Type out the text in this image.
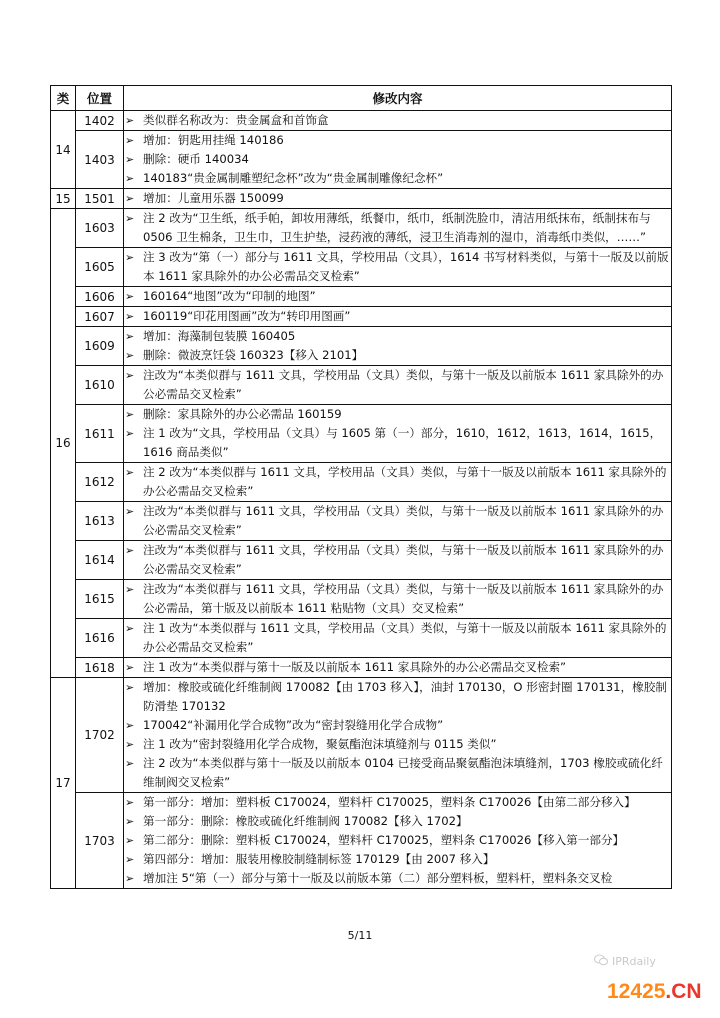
类	位置	修改内容
14	1402	➢ 类似群名称改为：贵金属盒和首饰盒

	1403	➢ 增加：钥匙用挂绳 140186
➢ 删除：硬币 140034
➢ 140183“贵金属制雕塑纪念杯”改为“贵金属制雕像纪念杯”

15	1501	➢ 增加：儿童用乐器 150099

16	1603	➢ 注 2 改为“卫生纸，纸手帕，卸妆用薄纸，纸餐巾，纸巾，纸制洗脸巾，清洁用纸抹布，纸制抹布与 0506 卫生棉条，卫生巾，卫生护垫，浸药液的薄纸，浸卫生消毒剂的湿巾，消毒纸巾类似，……”

	1605	➢ 注 3 改为“第（一）部分与 1611 文具，学校用品（文具），1614 书写材料类似，与第十一版及以前版本 1611 家具除外的办公必需品交叉检索”

	1606	➢ 160164“地图”改为“印制的地图”

	1607	➢ 160119“印花用图画”改为“转印用图画”

	1609	➢ 增加：海藻制包装膜 160405
➢ 删除：微波烹饪袋 160323【移入 2101】

	1610	➢ 注改为“本类似群与 1611 文具，学校用品（文具）类似，与第十一版及以前版本 1611 家具除外的办公必需品交叉检索”

	1611	➢ 删除：家具除外的办公必需品 160159
➢ 注 1 改为“文具，学校用品（文具）与 1605 第（一）部分，1610，1612，1613，1614，1615，1616 商品类似”

	1612	➢ 注 2 改为“本类似群与 1611 文具，学校用品（文具）类似，与第十一版及以前版本 1611 家具除外的办公必需品交叉检索”

	1613	➢ 注改为“本类似群与 1611 文具，学校用品（文具）类似，与第十一版及以前版本 1611 家具除外的办公必需品交叉检索”

	1614	➢ 注改为“本类似群与 1611 文具，学校用品（文具）类似，与第十一版及以前版本 1611 家具除外的办公必需品交叉检索”

	1615	➢ 注改为“本类似群与 1611 文具，学校用品（文具）类似，与第十一版及以前版本 1611 家具除外的办公必需品，第十版及以前版本 1611 粘贴物（文具）交叉检索”

	1616	➢ 注 1 改为“本类似群与 1611 文具，学校用品（文具）类似，与第十一版及以前版本 1611 家具除外的办公必需品交叉检索”

	1618	➢ 注 1 改为“本类似群与第十一版及以前版本 1611 家具除外的办公必需品交叉检索”

17	1702	➢ 增加：橡胶或硫化纤维制阀 170082【由 1703 移入】，油封 170130，O 形密封圈 170131，橡胶制防滑垫 170132
➢ 170042“补漏用化学合成物”改为“密封裂缝用化学合成物”
➢ 注 1 改为“密封裂缝用化学合成物，聚氨酯泡沫填缝剂与 0115 类似”
➢ 注 2 改为“本类似群与第十一版及以前版本 0104 已接受商品聚氨酯泡沫填缝剂，1703 橡胶或硫化纤维制阀交叉检索”

	1703	➢ 第一部分：增加：塑料板 C170024，塑料杆 C170025，塑料条 C170026【由第二部分移入】
➢ 第一部分：删除：橡胶或硫化纤维制阀 170082【移入 1702】
➢ 第二部分：删除：塑料板 C170024，塑料杆 C170025，塑料条 C170026【移入第一部分】
➢ 第四部分：增加：服装用橡胶制缝制标签 170129【由 2007 移入】
➢ 增加注 5“第（一）部分与第十一版及以前版本第（二）部分塑料板，塑料杆，塑料条交叉检
5/11
IPRdaily
12425.CN
